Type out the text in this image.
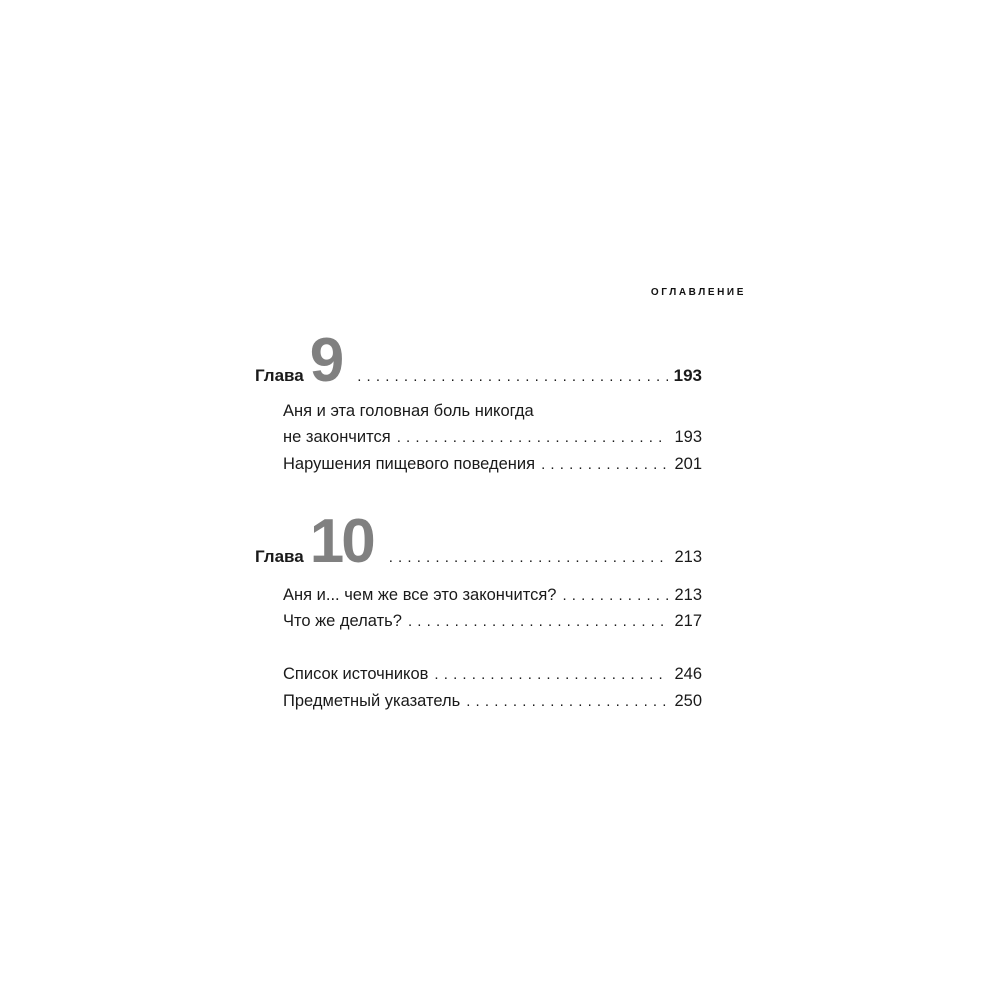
ОГЛАВЛЕНИЕ
Глава 9 . . .	193
Аня и эта головная боль никогда
не закончится . . .	193
Нарушения пищевого поведения . . .	201
Глава 10 . . .	213
Аня и... чем же все это закончится? . . .	213
Что же делать? . . .	217
Список источников . . .	246
Предметный указатель . . .	250
